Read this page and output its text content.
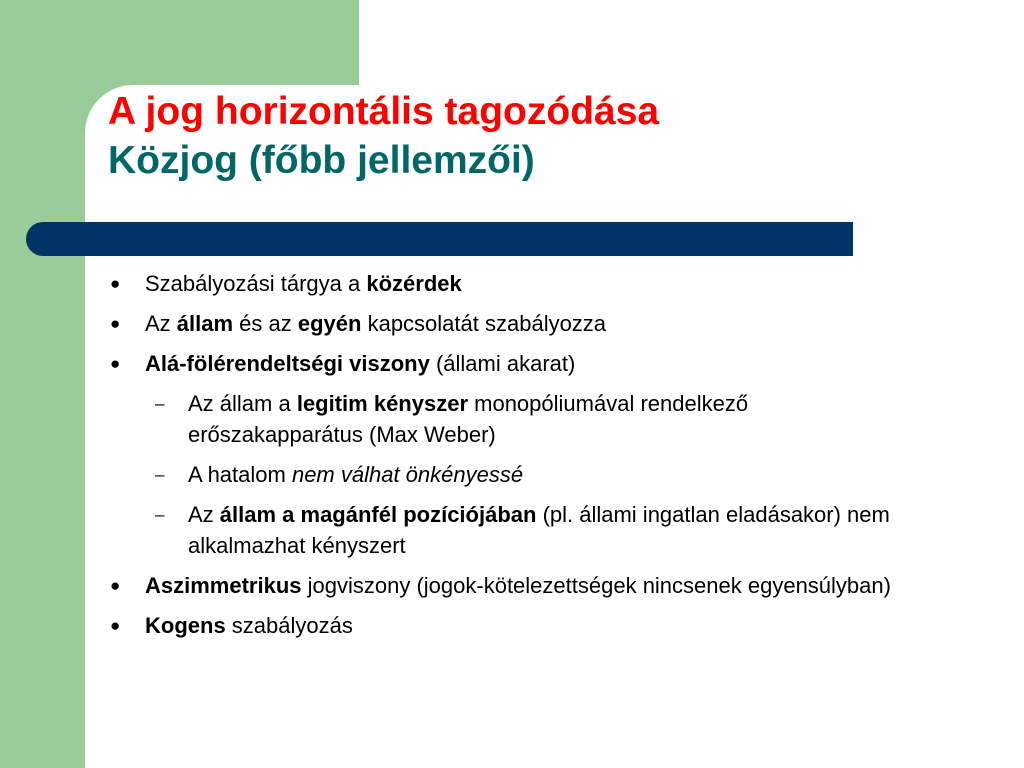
A jog horizontális tagozódása
Közjog (főbb jellemzői)
● Szabályozási tárgya a közérdek
● Az állam és az egyén kapcsolatát szabályozza
● Alá-fölérendeltségi viszony (állami akarat)
– Az állam a legitim kényszer monopóliumával rendelkező erőszakapparátus (Max Weber)
– A hatalom nem válhat önkényessé
– Az állam a magánfél pozíciójában (pl. állami ingatlan eladásakor) nem alkalmazhat kényszert
● Aszimmetrikus jogviszony (jogok-kötelezettségek nincsenek egyensúlyban)
● Kogens szabályozás
